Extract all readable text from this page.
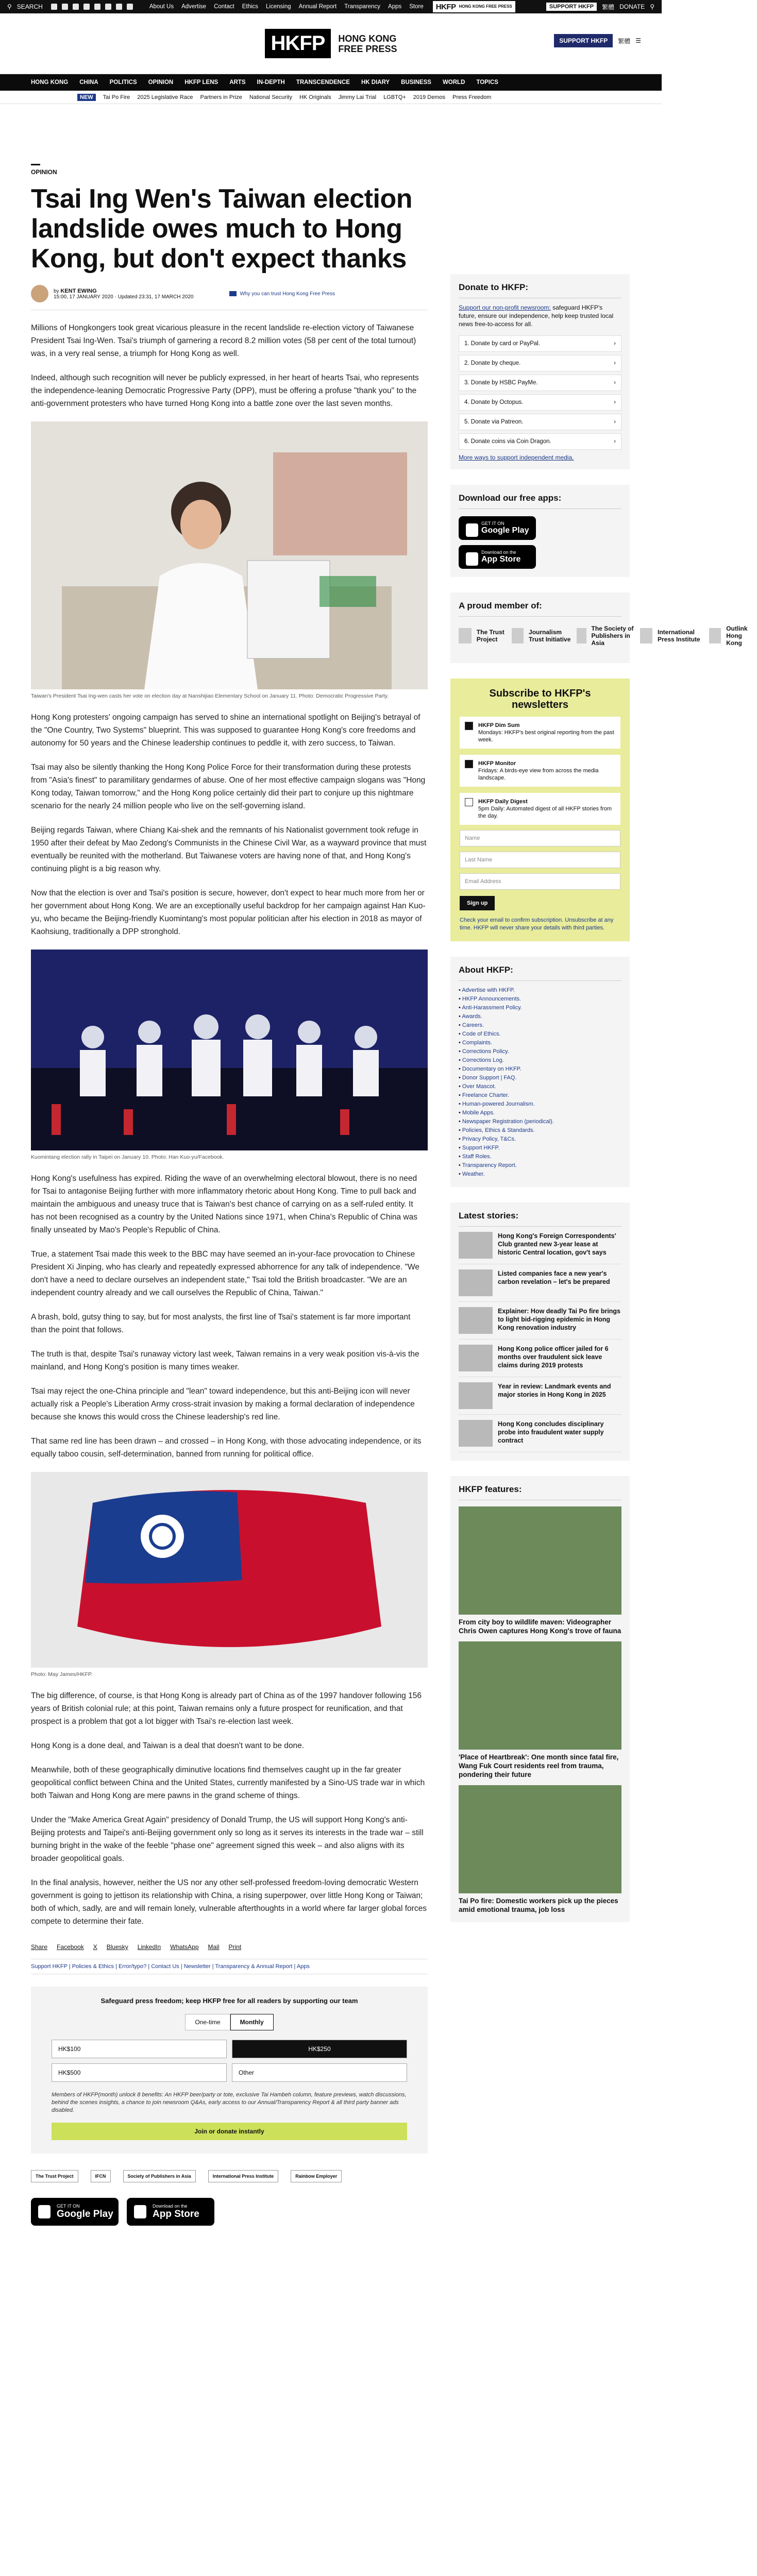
⚲ SEARCH	About Us Advertise Contact Ethics Licensing Annual Report Transparency Apps Store HKFP HONG KONG FREE PRESS	SUPPORT HKFP	繁體 DONATE ⚲
HKFP	HONG KONG
FREE PRESS
SUPPORT HKFP	繁體 ☰
HONG KONG CHINA POLITICS OPINION HKFP LENS ARTS IN-DEPTH TRANSCENDENCE HK DIARY BUSINESS WORLD TOPICS
NEW	Tai Po Fire 2025 Legislative Race Partners in Prize National Security HK Originals Jimmy Lai Trial LGBTQ+ 2019 Demos Press Freedom
OPINION
Tsai Ing Wen's Taiwan election landslide owes much to Hong Kong, but don't expect thanks
by KENT EWING
15:00, 17 JANUARY 2020 · Updated 23:31, 17 MARCH 2020
Why you can trust Hong Kong Free Press

Millions of Hongkongers took great vicarious pleasure in the recent landslide re-election victory of Taiwanese President Tsai Ing-Wen. Tsai's triumph of garnering a record 8.2 million votes (58 per cent of the total turnout) was, in a very real sense, a triumph for Hong Kong as well.

Indeed, although such recognition will never be publicly expressed, in her heart of hearts Tsai, who represents the independence-leaning Democratic Progressive Party (DPP), must be offering a profuse "thank you" to the anti-government protesters who have turned Hong Kong into a battle zone over the last seven months.

Taiwan's President Tsai Ing-wen casts her vote on election day at Nanshijiao Elementary School on January 11. Photo: Democratic Progressive Party.

Hong Kong protesters' ongoing campaign has served to shine an international spotlight on Beijing's betrayal of the "One Country, Two Systems" blueprint. This was supposed to guarantee Hong Kong's core freedoms and autonomy for 50 years and the Chinese leadership continues to peddle it, with zero success, to Taiwan.

Tsai may also be silently thanking the Hong Kong Police Force for their transformation during these protests from "Asia's finest" to paramilitary gendarmes of abuse. One of her most effective campaign slogans was "Hong Kong today, Taiwan tomorrow," and the Hong Kong police certainly did their part to conjure up this nightmare scenario for the nearly 24 million people who live on the self-governing island.

Beijing regards Taiwan, where Chiang Kai-shek and the remnants of his Nationalist government took refuge in 1950 after their defeat by Mao Zedong's Communists in the Chinese Civil War, as a wayward province that must eventually be reunited with the motherland. But Taiwanese voters are having none of that, and Hong Kong's continuing plight is a big reason why.

Now that the election is over and Tsai's position is secure, however, don't expect to hear much more from her or her government about Hong Kong. We are an exceptionally useful backdrop for her campaign against Han Kuo-yu, who became the Beijing-friendly Kuomintang's most popular politician after his election in 2018 as mayor of Kaohsiung, traditionally a DPP stronghold.

Kuomintang election rally in Taipei on January 10. Photo: Han Kuo-yu/Facebook.

Hong Kong's usefulness has expired. Riding the wave of an overwhelming electoral blowout, there is no need for Tsai to antagonise Beijing further with more inflammatory rhetoric about Hong Kong. Time to pull back and maintain the ambiguous and uneasy truce that is Taiwan's best chance of carrying on as a self-ruled entity. It has not been recognised as a country by the United Nations since 1971, when China's Republic of China was finally unseated by Mao's People's Republic of China.

True, a statement Tsai made this week to the BBC may have seemed an in-your-face provocation to Chinese President Xi Jinping, who has clearly and repeatedly expressed abhorrence for any talk of independence. "We don't have a need to declare ourselves an independent state," Tsai told the British broadcaster. "We are an independent country already and we call ourselves the Republic of China, Taiwan."

A brash, bold, gutsy thing to say, but for most analysts, the first line of Tsai's statement is far more important than the point that follows.

The truth is that, despite Tsai's runaway victory last week, Taiwan remains in a very weak position vis-à-vis the mainland, and Hong Kong's position is many times weaker.

Tsai may reject the one-China principle and "lean" toward independence, but this anti-Beijing icon will never actually risk a People's Liberation Army cross-strait invasion by making a formal declaration of independence because she knows this would cross the Chinese leadership's red line.

That same red line has been drawn – and crossed – in Hong Kong, with those advocating independence, or its equally taboo cousin, self-determination, banned from running for political office.

Photo: May James/HKFP.

The big difference, of course, is that Hong Kong is already part of China as of the 1997 handover following 156 years of British colonial rule; at this point, Taiwan remains only a future prospect for reunification, and that prospect is a problem that got a lot bigger with Tsai's re-election last week.

Hong Kong is a done deal, and Taiwan is a deal that doesn't want to be done.

Meanwhile, both of these geographically diminutive locations find themselves caught up in the far greater geopolitical conflict between China and the United States, currently manifested by a Sino-US trade war in which both Taiwan and Hong Kong are mere pawns in the grand scheme of things.

Under the "Make America Great Again" presidency of Donald Trump, the US will support Hong Kong's anti-Beijing protests and Taipei's anti-Beijing government only so long as it serves its interests in the trade war – still burning bright in the wake of the feeble "phase one" agreement signed this week – and also aligns with its broader geopolitical goals.

In the final analysis, however, neither the US nor any other self-professed freedom-loving democratic Western government is going to jettison its relationship with China, a rising superpower, over little Hong Kong or Taiwan; both of which, sadly, are and will remain lonely, vulnerable afterthoughts in a world where far larger global forces compete to determine their fate.

Share Facebook X Bluesky LinkedIn WhatsApp Mail Print
Support HKFP | Policies & Ethics | Error/typo? | Contact Us | Newsletter | Transparency & Annual Report | Apps
Safeguard press freedom; keep HKFP free for all readers by supporting our team
One-time	Monthly
HK$100	HK$250
HK$500	Other
Members of HKFP(month) unlock 8 benefits: An HKFP beer/party or tote, exclusive Tai Hambeh column, feature previews, watch discussions, behind the scenes insights, a chance to join newsroom Q&As, early access to our Annual/Transparency Report & all third party banner ads disabled.
Join or donate instantly
The Trust Project	IFCN	Society of Publishers in Asia	International Press Institute	Rainbow Employer
GET IT ON
Google Play
Download on the
App Store
Donate to HKFP:
Support our non-profit newsroom: safeguard HKFP's future, ensure our independence, help keep trusted local news free-to-access for all.
1. Donate by card or PayPal.	›
2. Donate by cheque.	›
3. Donate by HSBC PayMe.	›
4. Donate by Octopus.	›
5. Donate via Patreon.	›
6. Donate coins via Coin Dragon.	›
More ways to support independent media.
Download our free apps:
GET IT ON
Google Play
Download on the
App Store
A proud member of:
The Trust Project
Journalism Trust Initiative
The Society of Publishers in Asia
International Press Institute
Outlink Hong Kong
Subscribe to HKFP's newsletters
HKFP Dim Sum
Mondays: HKFP's best original reporting from the past week.
HKFP Monitor
Fridays: A birds-eye view from across the media landscape.
HKFP Daily Digest
5pm Daily: Automated digest of all HKFP stories from the day.
Name
Last Name
Email Address
Sign up
Check your email to confirm subscription. Unsubscribe at any time. HKFP will never share your details with third parties.
About HKFP:
• Advertise with HKFP.
• HKFP Announcements.
• Anti-Harassment Policy.
• Awards.
• Careers.
• Code of Ethics.
• Complaints.
• Corrections Policy.
• Corrections Log.
• Documentary on HKFP.
• Donor Support | FAQ.
• Over Mascot.
• Freelance Charter.
• Human-powered Journalism.
• Mobile Apps.
• Newspaper Registration (periodical).
• Policies, Ethics & Standards.
• Privacy Policy, T&Cs.
• Support HKFP.
• Staff Roles.
• Transparency Report.
• Weather.
Latest stories:
Hong Kong's Foreign Correspondents' Club granted new 3-year lease at historic Central location, gov't says
Listed companies face a new year's carbon revelation – let's be prepared
Explainer: How deadly Tai Po fire brings to light bid-rigging epidemic in Hong Kong renovation industry
Hong Kong police officer jailed for 6 months over fraudulent sick leave claims during 2019 protests
Year in review: Landmark events and major stories in Hong Kong in 2025
Hong Kong concludes disciplinary probe into fraudulent water supply contract
HKFP features:
From city boy to wildlife maven: Videographer Chris Owen captures Hong Kong's trove of fauna
'Place of Heartbreak': One month since fatal fire, Wang Fuk Court residents reel from trauma, pondering their future
Tai Po fire: Domestic workers pick up the pieces amid emotional trauma, job loss
